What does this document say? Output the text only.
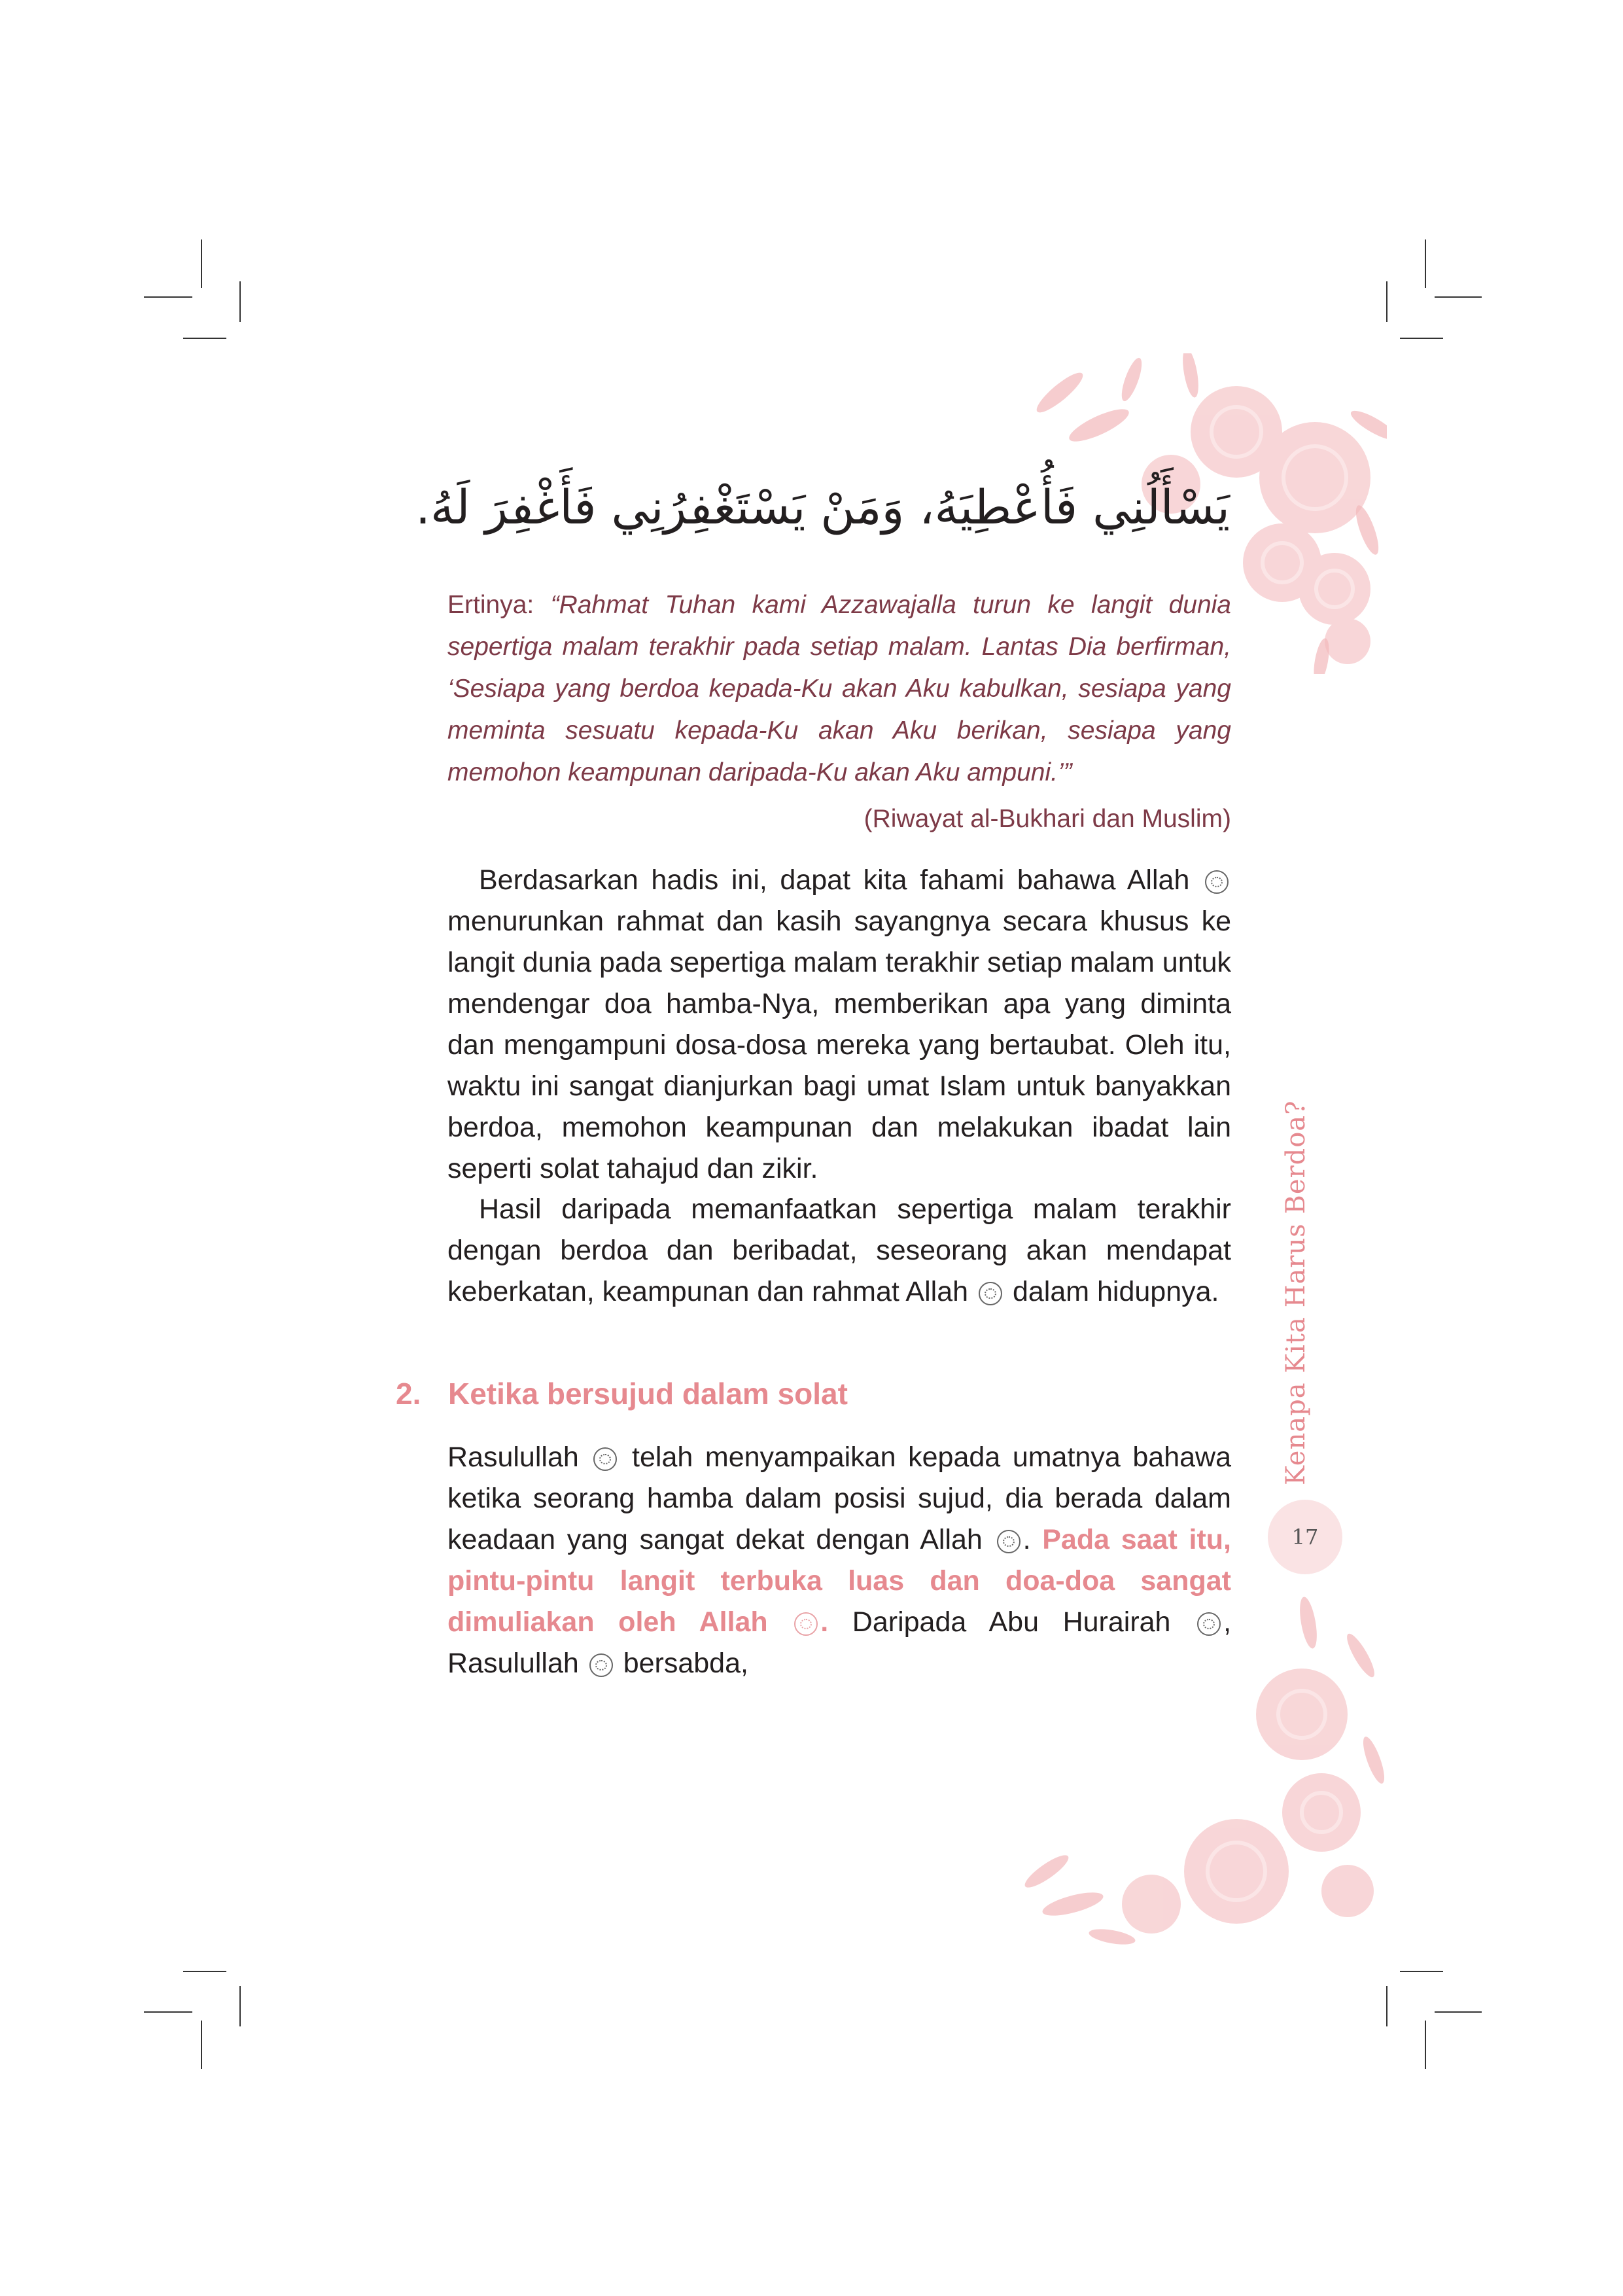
يَسْأَلُنِي فَأُعْطِيَهُ، وَمَنْ يَسْتَغْفِرُنِي فَأَغْفِرَ لَهُ.
Ertinya: “Rahmat Tuhan kami Azzawajalla turun ke langit dunia sepertiga malam terakhir pada setiap malam. Lantas Dia berfirman, ‘Sesiapa yang berdoa kepada-Ku akan Aku kabulkan, sesiapa yang meminta sesuatu kepada-Ku akan Aku berikan, sesiapa yang memohon keampunan daripada-Ku akan Aku ampuni.’”
(Riwayat al-Bukhari dan Muslim)

Berdasarkan hadis ini, dapat kita fahami bahawa Allah  menurunkan rahmat dan kasih sayangnya secara khusus ke langit dunia pada sepertiga malam terakhir setiap malam untuk mendengar doa hamba-Nya, memberikan apa yang diminta dan mengampuni dosa-dosa mereka yang bertaubat. Oleh itu, waktu ini sangat dianjurkan bagi umat Islam untuk banyakkan berdoa, memohon keampunan dan melakukan ibadat lain seperti solat tahajud dan zikir.

Hasil daripada memanfaatkan sepertiga malam terakhir dengan berdoa dan beribadat, seseorang akan mendapat keberkatan, keampunan dan rahmat Allah dalam hidupnya.

2. Ketika bersujud dalam solat

Rasulullah telah menyampaikan kepada umatnya bahawa ketika seorang hamba dalam posisi sujud, dia berada dalam keadaan yang sangat dekat dengan Allah . Pada saat itu, pintu-pintu langit terbuka luas dan doa-doa sangat dimuliakan oleh Allah . Daripada Abu Hurairah , Rasulullah bersabda,

Kenapa Kita Harus Berdoa?
17
